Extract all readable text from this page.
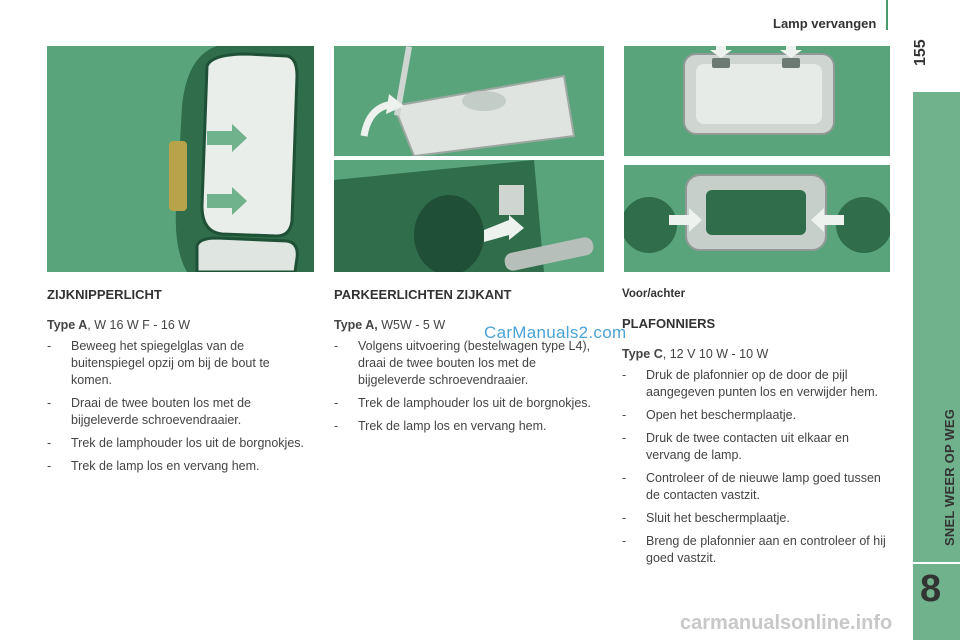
Lamp vervangen
155
SNEL WEER OP WEG
8
ZIJKNIPPERLICHT

Type A, W 16 W F - 16 W

- Beweeg het spiegelglas van de buitenspiegel opzij om bij de bout te komen.
- Draai de twee bouten los met de bijgeleverde schroevendraaier.
- Trek de lamphouder los uit de borgnokjes.
- Trek de lamp los en vervang hem.
PARKEERLICHTEN ZIJKANT

Type A, W5W - 5 W

- Volgens uitvoering (bestelwagen type L4), draai de twee bouten los met de bijgeleverde schroevendraaier.
- Trek de lamphouder los uit de borgnokjes.
- Trek de lamp los en vervang hem.
Voor/achter
PLAFONNIERS

Type C, 12 V 10 W - 10 W

- Druk de plafonnier op de door de pijl aangegeven punten los en verwijder hem.
- Open het beschermplaatje.
- Druk de twee contacten uit elkaar en vervang de lamp.
- Controleer of de nieuwe lamp goed tussen de contacten vastzit.
- Sluit het beschermplaatje.
- Breng de plafonnier aan en controleer of hij goed vastzit.
CarManuals2.com
carmanualsonline.info
